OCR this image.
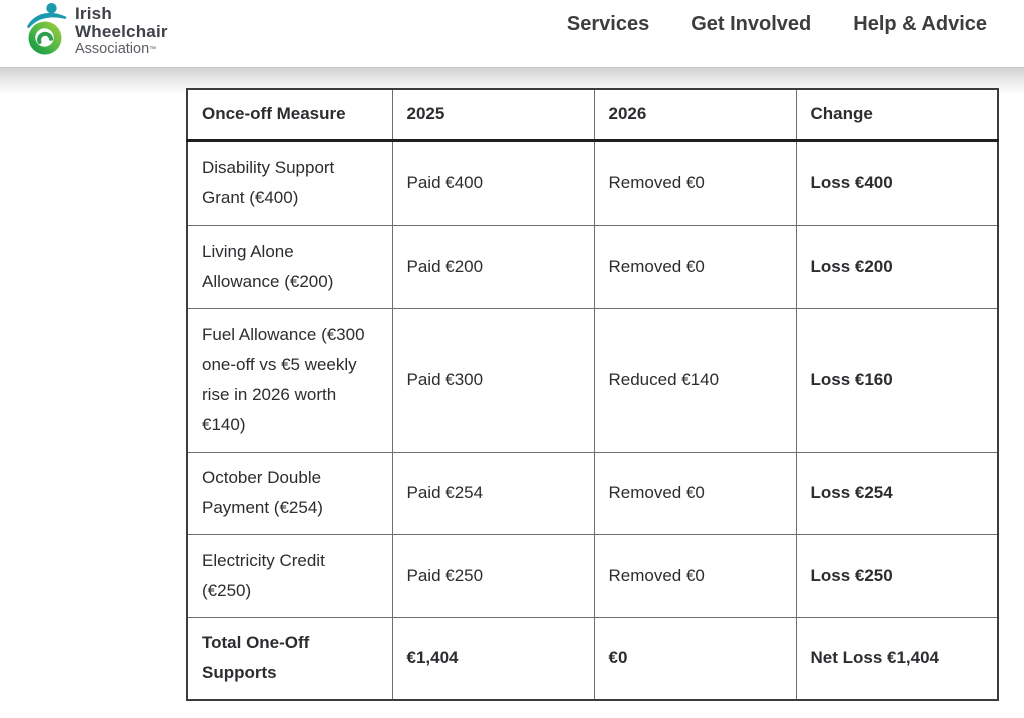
Irish
Wheelchair
Association™
Services Get Involved Help & Advice
Once-off Measure	2025	2026	Change
Disability Support Grant (€400)	Paid €400	Removed €0	Loss €400
Living Alone Allowance (€200)	Paid €200	Removed €0	Loss €200
Fuel Allowance (€300 one-off vs €5 weekly rise in 2026 worth €140)	Paid €300	Reduced €140	Loss €160
October Double Payment (€254)	Paid €254	Removed €0	Loss €254
Electricity Credit (€250)	Paid €250	Removed €0	Loss €250
Total One-Off Supports	€1,404	€0	Net Loss €1,404
